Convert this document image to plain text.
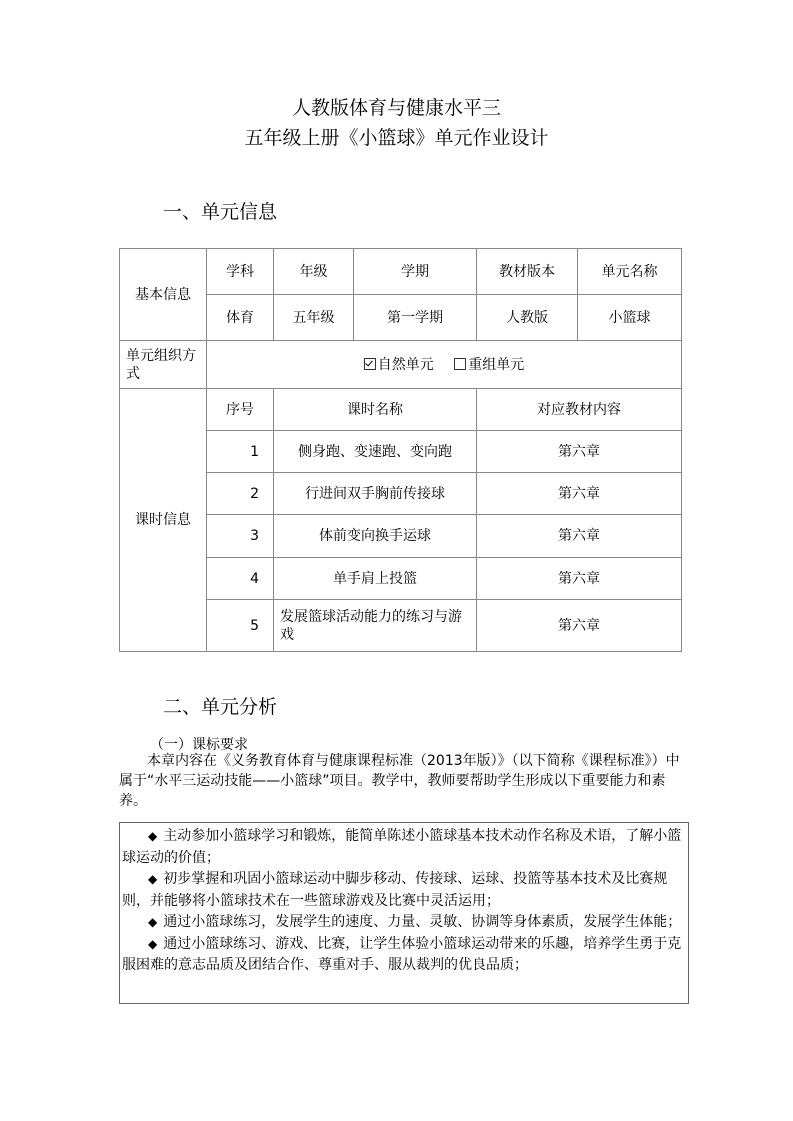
人教版体育与健康水平三
五年级上册《小篮球》单元作业设计
一、单元信息
基本信息	学科	年级	学期	教材版本	单元名称
	体育	五年级	第一学期	人教版	小篮球
单元组织方式	自然单元 重组单元				
课时信息	序号	课时名称		对应教材内容	
	1	侧身跑、变速跑、变向跑		第六章	
	2	行进间双手胸前传接球		第六章	
	3	体前变向换手运球		第六章	
	4	单手肩上投篮		第六章	
	5	发展篮球活动能力的练习与游戏		第六章	
二、单元分析
（一）课标要求
本章内容在《义务教育体育与健康课程标准（2013年版）》（以下简称《课程标准》）中属于“水平三运动技能——小篮球”项目。教学中，教师要帮助学生形成以下重要能力和素养。

◆ 主动参加小篮球学习和锻炼，能简单陈述小篮球基本技术动作名称及术语，了解小篮球运动的价值；

◆ 初步掌握和巩固小篮球运动中脚步移动、传接球、运球、投篮等基本技术及比赛规则，并能够将小篮球技术在一些篮球游戏及比赛中灵活运用；

◆ 通过小篮球练习，发展学生的速度、力量、灵敏、协调等身体素质，发展学生体能；

◆ 通过小篮球练习、游戏、比赛，让学生体验小篮球运动带来的乐趣，培养学生勇于克服困难的意志品质及团结合作、尊重对手、服从裁判的优良品质；
